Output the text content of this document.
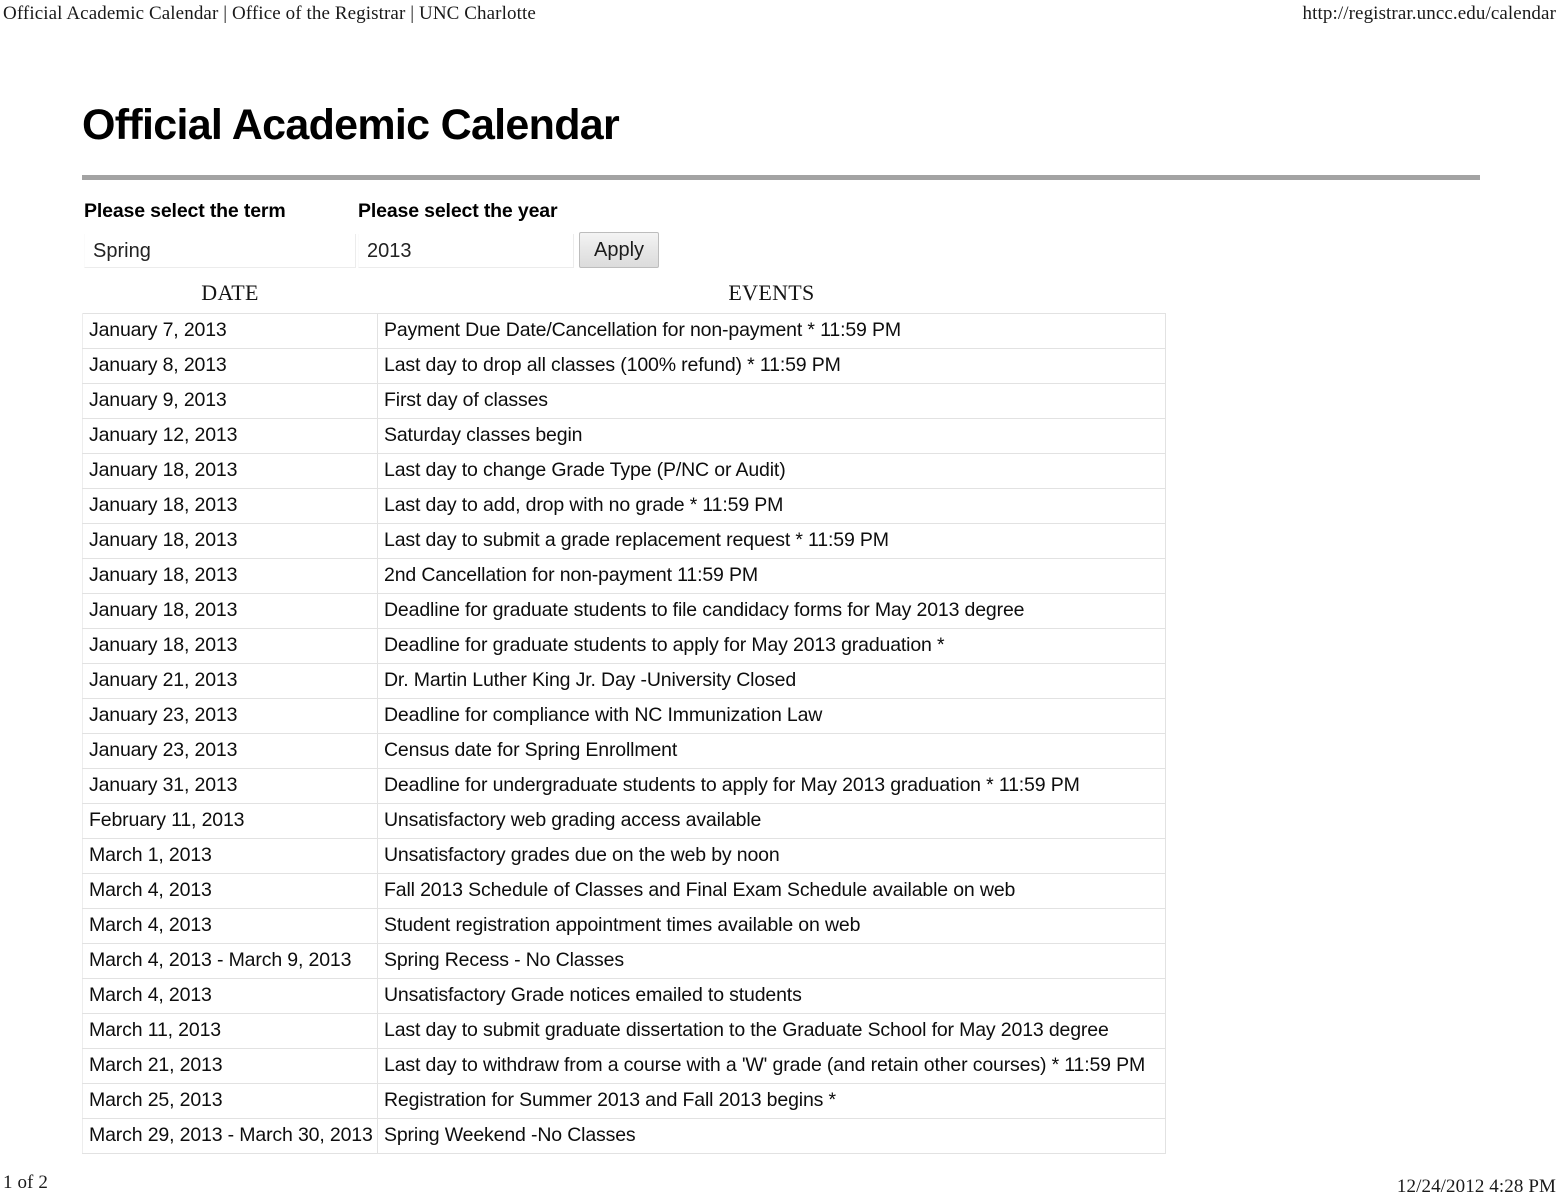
Official Academic Calendar | Office of the Registrar | UNC Charlotte	http://registrar.uncc.edu/calendar
Official Academic Calendar
Please select the term
Spring	Please select the year
2013
Apply
DATE	EVENTS
January 7, 2013	Payment Due Date/Cancellation for non-payment * 11:59 PM
January 8, 2013	Last day to drop all classes (100% refund) * 11:59 PM
January 9, 2013	First day of classes
January 12, 2013	Saturday classes begin
January 18, 2013	Last day to change Grade Type (P/NC or Audit)
January 18, 2013	Last day to add, drop with no grade * 11:59 PM
January 18, 2013	Last day to submit a grade replacement request * 11:59 PM
January 18, 2013	2nd Cancellation for non-payment 11:59 PM
January 18, 2013	Deadline for graduate students to file candidacy forms for May 2013 degree
January 18, 2013	Deadline for graduate students to apply for May 2013 graduation *
January 21, 2013	Dr. Martin Luther King Jr. Day -University Closed
January 23, 2013	Deadline for compliance with NC Immunization Law
January 23, 2013	Census date for Spring Enrollment
January 31, 2013	Deadline for undergraduate students to apply for May 2013 graduation * 11:59 PM
February 11, 2013	Unsatisfactory web grading access available
March 1, 2013	Unsatisfactory grades due on the web by noon
March 4, 2013	Fall 2013 Schedule of Classes and Final Exam Schedule available on web
March 4, 2013	Student registration appointment times available on web
March 4, 2013 - March 9, 2013	Spring Recess - No Classes
March 4, 2013	Unsatisfactory Grade notices emailed to students
March 11, 2013	Last day to submit graduate dissertation to the Graduate School for May 2013 degree
March 21, 2013	Last day to withdraw from a course with a 'W' grade (and retain other courses) * 11:59 PM
March 25, 2013	Registration for Summer 2013 and Fall 2013 begins *
March 29, 2013 - March 30, 2013	Spring Weekend -No Classes
1 of 2	12/24/2012 4:28 PM
